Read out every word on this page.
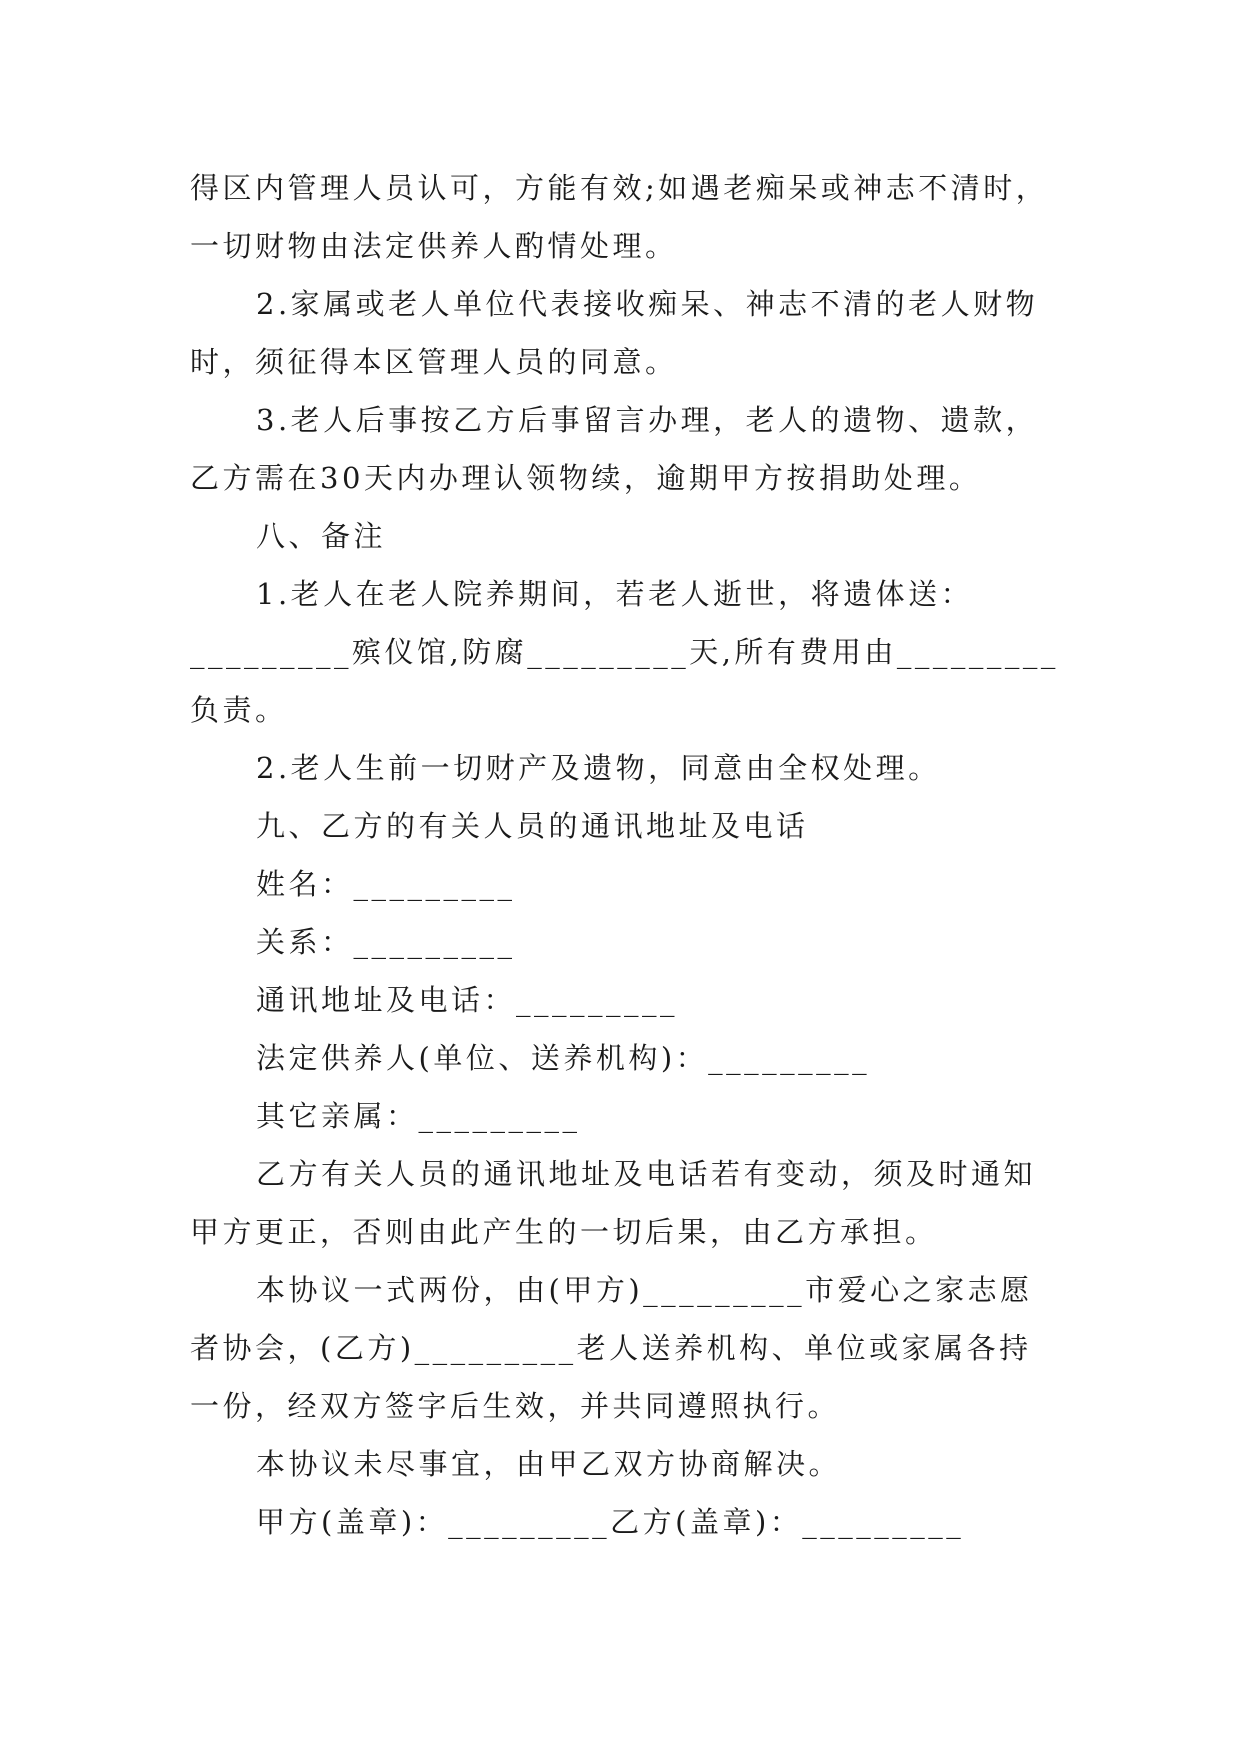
得区内管理人员认可，方能有效;如遇老痴呆或神志不清时，
一切财物由法定供养人酌情处理。
2.家属或老人单位代表接收痴呆、神志不清的老人财物
时，须征得本区管理人员的同意。
3.老人后事按乙方后事留言办理，老人的遗物、遗款，
乙方需在30天内办理认领物续，逾期甲方按捐助处理。
八、备注
1.老人在老人院养期间，若老人逝世，将遗体送：
_________殡仪馆,防腐_________天,所有费用由_________
负责。
2.老人生前一切财产及遗物，同意由全权处理。
九、乙方的有关人员的通讯地址及电话
姓名：_________
关系：_________
通讯地址及电话：_________
法定供养人(单位、送养机构)：_________
其它亲属：_________
乙方有关人员的通讯地址及电话若有变动，须及时通知
甲方更正，否则由此产生的一切后果，由乙方承担。
本协议一式两份，由(甲方)_________市爱心之家志愿
者协会，(乙方)_________老人送养机构、单位或家属各持
一份，经双方签字后生效，并共同遵照执行。
本协议未尽事宜，由甲乙双方协商解决。
甲方(盖章)：_________乙方(盖章)：_________
